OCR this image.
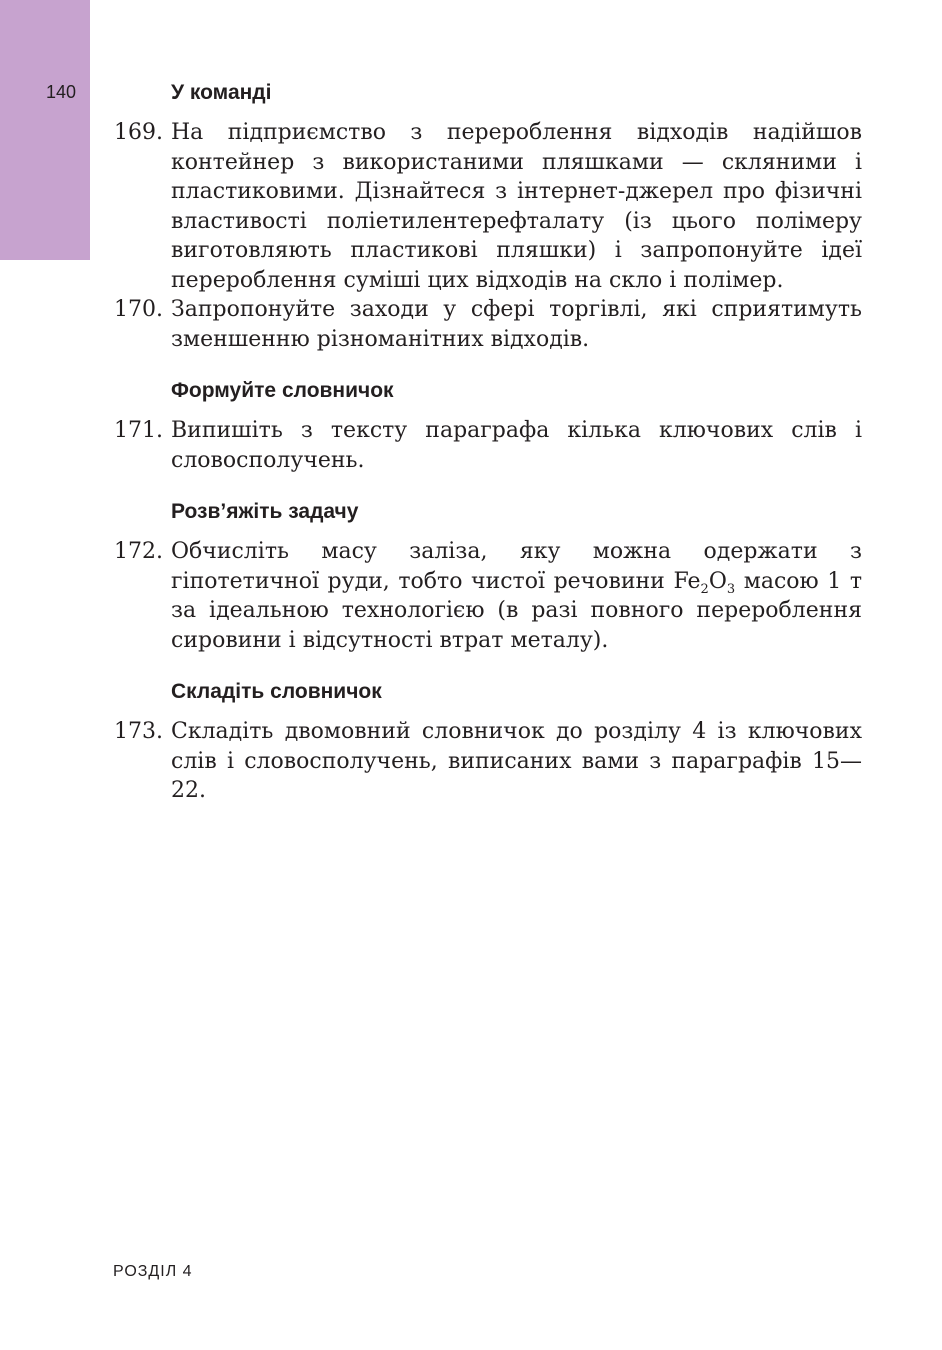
140	У команді
169. На підприємство з перероблення відходів надійшов контейнер з використаними пляшками — скляними і пластиковими. Дізнайтеся з інтернет-джерел про фізичні властивості поліетилентерефталату (із цього полімеру виготовляють пластикові пляшки) і запропонуйте ідеї перероблення суміші цих відходів на скло і полімер.
170. Запропонуйте заходи у сфері торгівлі, які сприятимуть зменшенню різноманітних відходів.
Формуйте словничок
171. Випишіть з тексту параграфа кілька ключових слів і словосполучень.
Розв’яжіть задачу
172. Обчисліть масу заліза, яку можна одержати з гіпотетичної руди, тобто чистої речовини $Fe_2O_3$ масою 1 т за ідеальною технологією (в разі повного перероблення сировини і відсутності втрат металу).
Складіть словничок
173. Складіть двомовний словничок до розділу 4 із ключових слів і словосполучень, виписаних вами з параграфів 15—22.
РОЗДІЛ 4
